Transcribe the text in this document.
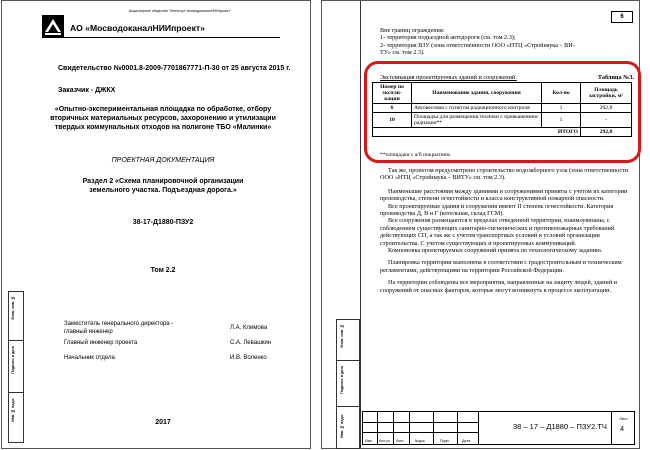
Акционерное общество "Институт МосводоканалНИИпроект"
АО «МосводоканалНИИпроект»
Свидетельство №0001.8-2009-7701867771-П-30 от 25 августа 2015 г.
Заказчик - ДЖКХ
«Опытно-экспериментальная площадка по обработке, отбору
вторичных материальных ресурсов, захоронению и утилизации
твердых коммунальных отходов на полигоне ТБО «Малинки»
ПРОЕКТНАЯ ДОКУМЕНТАЦИЯ
Раздел 2 «Схема планировочной организации
земельного участка. Подъездная дорога.»
38-17-Д1880-ПЗУ2
Том 2.2
Заместитель генерального директора - главный инженер
Л.А. Климова
Главный инженер проекта	С.А. Левашкин
Начальник отдела	И.В. Воленко
2017
Взам. инв. №
Подпись и дата
Инв. № подл.
6
Вне границ ограждения:
1- территория подъездной автодороги (см. том 2.3);
2- территория ВЗУ (зона ответственности ООО «НТЦ «Стройнаука – ВИ-
ТУ» см. том 2.3).
Экспликация проектируемых зданий и сооружений.	Таблица №3.
Номер по экспли-кации	Наименование здания, сооружения	Кол-во	Площадь застройки, м²
6	Автовесовая с пунктом радиационного контроля	1	292,8
10	Площадка для размещения техники с превышением радиации**	1	-
ИТОГО			292,8
**площадки с а/б покрытием.
Так же, проектом предусмотрено строительство водозаборного узла (зона ответственности ООО «НТЦ «Стройнаука – ВИТУ» см. том 2.3).
Наименьшие расстояния между зданиями и сооружениями приняты с учетом их категории производства, степени огнестойкости и класса конструктивной пожарной опасности.
Все проектируемые здания и сооружения имеют II степень огнестойкости. Категория производства Д, В и Г (котельная, склад ГСМ).
Все сооружения размещаются в пределах отведенной территории, взаимоувязаны, с соблюдением существующих санитарно-гигиенических и противопожарных требований действующих СП, а так же с учетом транспортных условий и условий организации строительства. С учетом существующих и проектируемых коммуникаций.
Компоновка проектируемых сооружений принята по технологическому заданию.
Планировка территории выполнена в соответствии с градостроительным и техническим регламентами, действующими на территории Российской Федерации.
На территории соблюдены все мероприятия, направленные на защиту людей, зданий и сооружений от опасных факторов, которые могут возникнуть в процессе эксплуатации.
Инв. № подл.
Подпись и дата
Взам. инв. №
Изм. Кол.уч Лист	№док.	Подп.	Дата
38 – 17 – Д1880 – ПЗУ2.ТЧ
Лист
4
